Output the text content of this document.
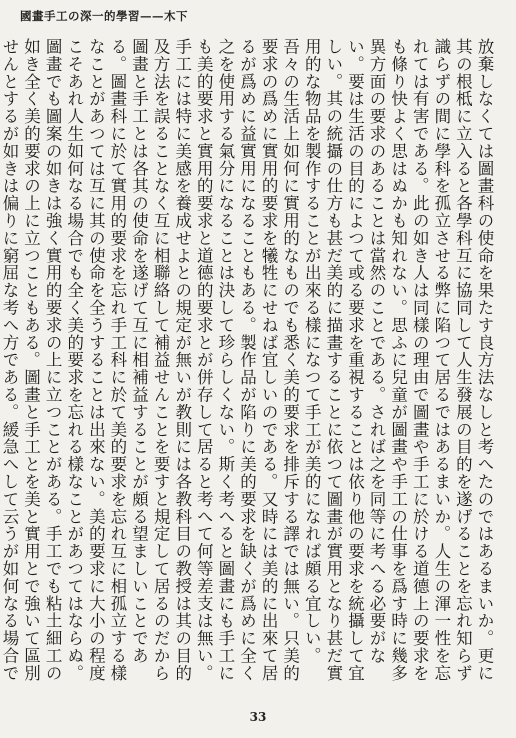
國畫手工の深一的學習——木下

放棄しなくては圖畫科の使命を果たす良方法なしと考へたのではあるまいか。更に其の根柢に立入ると各學科互に協同して人生發展の目的を遂げることを忘れ知らず識らずの間に學科を孤立させる弊に陷つて居るではあるまいか。人生の渾一性を忘れては有害である。此の如き人は同樣の理由で圖畫や手工に於ける道德上の要求をも條り快よく思はぬかも知れない。思ふに兒童が圖畫や手工の仕事を爲す時に幾多異方面の要求のあることは當然のことである。されば之を同等に考へる必要がない。要は生活の目的によつて或る要求を重視することは依り他の要求を統攝して宜しい。其の統攝の仕方も甚だ美的に描畫することに依つて圖畫が實用となり甚だ實用的な物品を製作することが出來る樣になつて手工が美的になれば頗る宜しい。吾々の生活上如何に實用的なものでも悉く美的要求を排斥する譯では無い。只美的要求の爲めに實用的要求を犧牲にせねば宜しいのである。又時には美的に出來て居るが爲めに益實用になることもある。製作品が陷りに美的要求を缺くが爲めに全く之を使用する氣分になることは決して珍らしくない。斯く考へると圖畫にも手工にも美的要求と實用的要求と道德的要求とが併存して居ると考へて何等差支は無い。手工には特に美感を養成せよとの規定が無いが教則には各教科目の教授は其の目的及方法を誤ることなく互に相聯絡して補益せんことを要すと規定して居るのだから圖畫と手工とは各其の使命を遂げて互に相補益することが頗る望ましいことである。圖畫科に於て實用的要求を忘れ手工科に於て美的要求を忘れ互に相孤立する樣なことがあつては互に其の使命を全うすることは出來ない。美的要求に大小の程度こそあれ人生如何なる場合でも全く美的要求を忘れる樣なことがあつてはならぬ。圖畫でも圖案の如きは強く實用的要求の上に立つことがある。手工でも粘土細工の如き全く美的要求の上に立つこともある。圖畫と手工とを美と實用とで強いて區別せんとするが如きは偏りに窮屈な考へ方である。緩急へして云うが如何なる場合で

33
